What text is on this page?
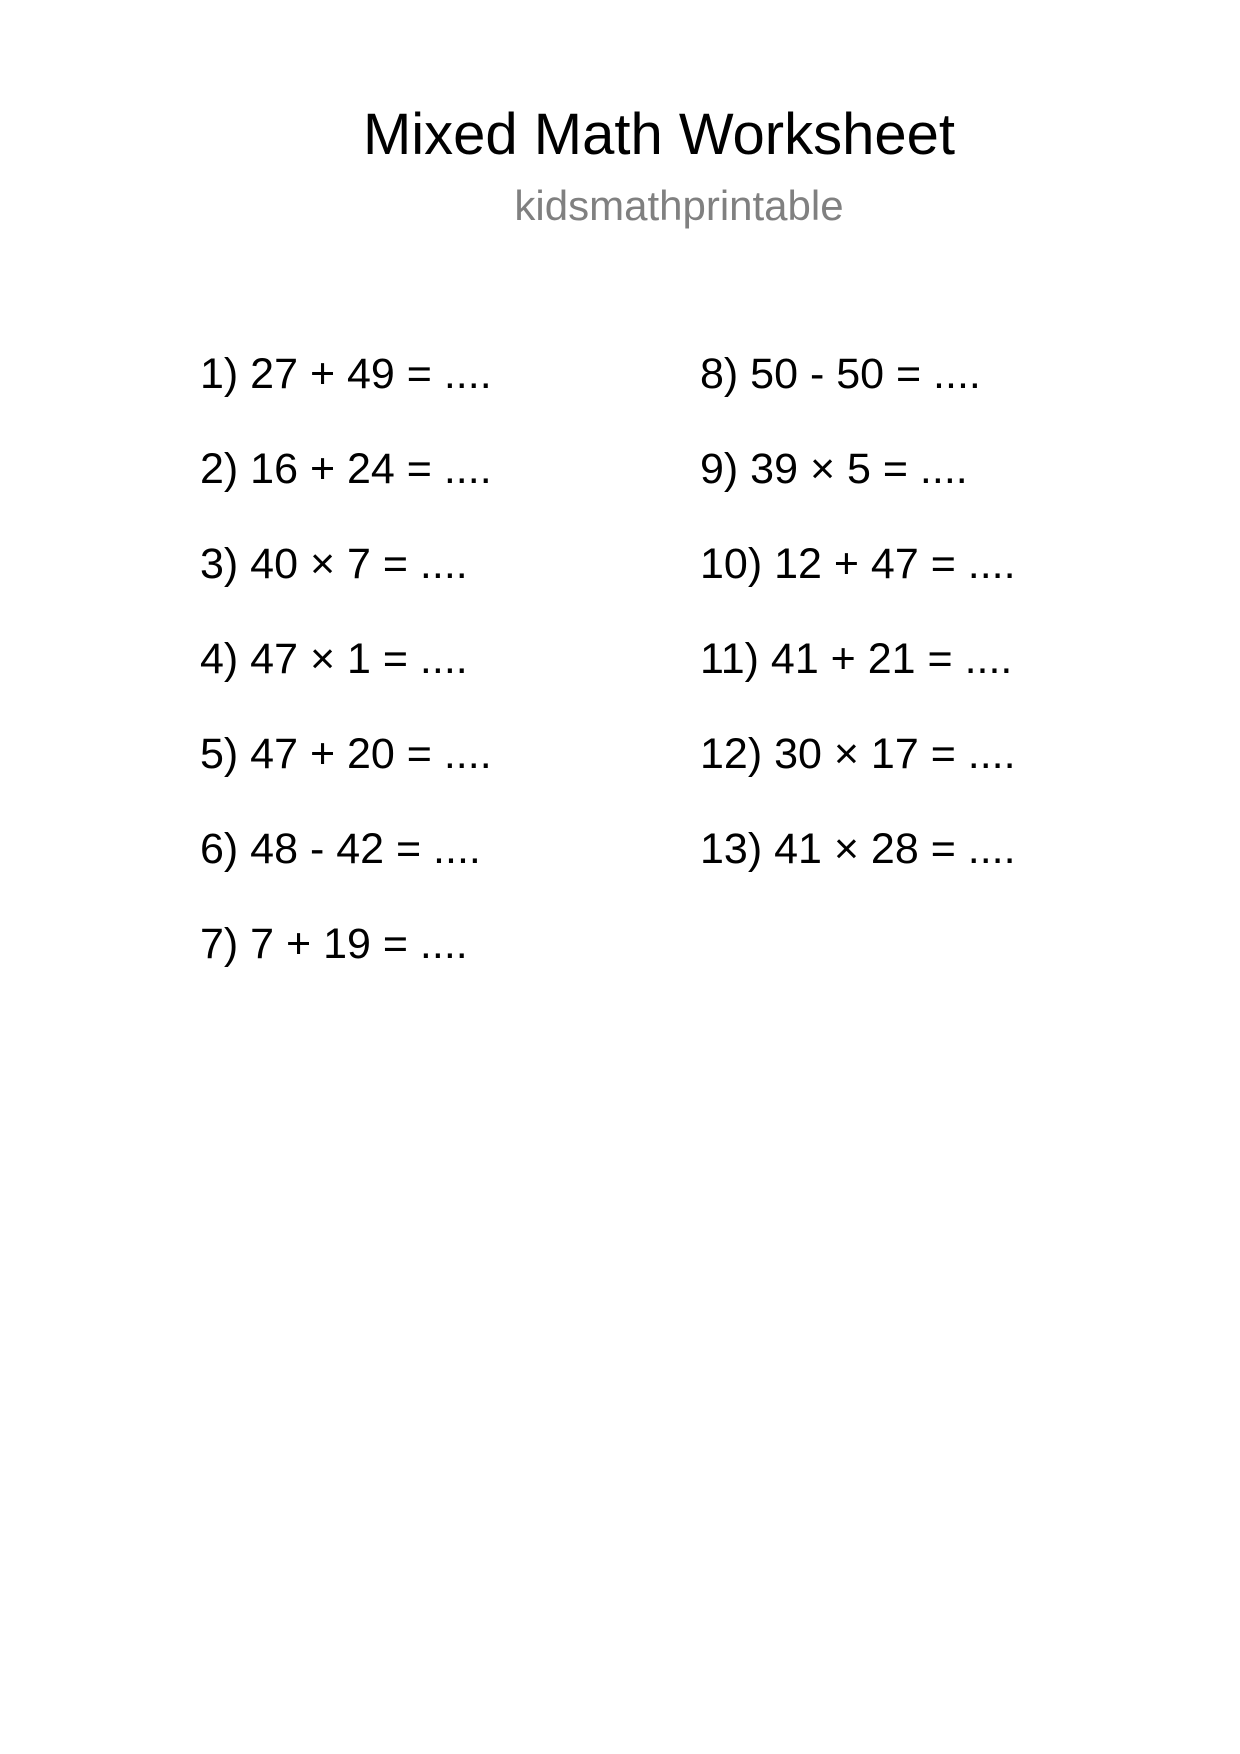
Mixed Math Worksheet
kidsmathprintable
1) 27 + 49 = ....
2) 16 + 24 = ....
3) 40 × 7 = ....
4) 47 × 1 = ....
5) 47 + 20 = ....
6) 48 - 42 = ....
7) 7 + 19 = ....
8) 50 - 50 = ....
9) 39 × 5 = ....
10) 12 + 47 = ....
11) 41 + 21 = ....
12) 30 × 17 = ....
13) 41 × 28 = ....
